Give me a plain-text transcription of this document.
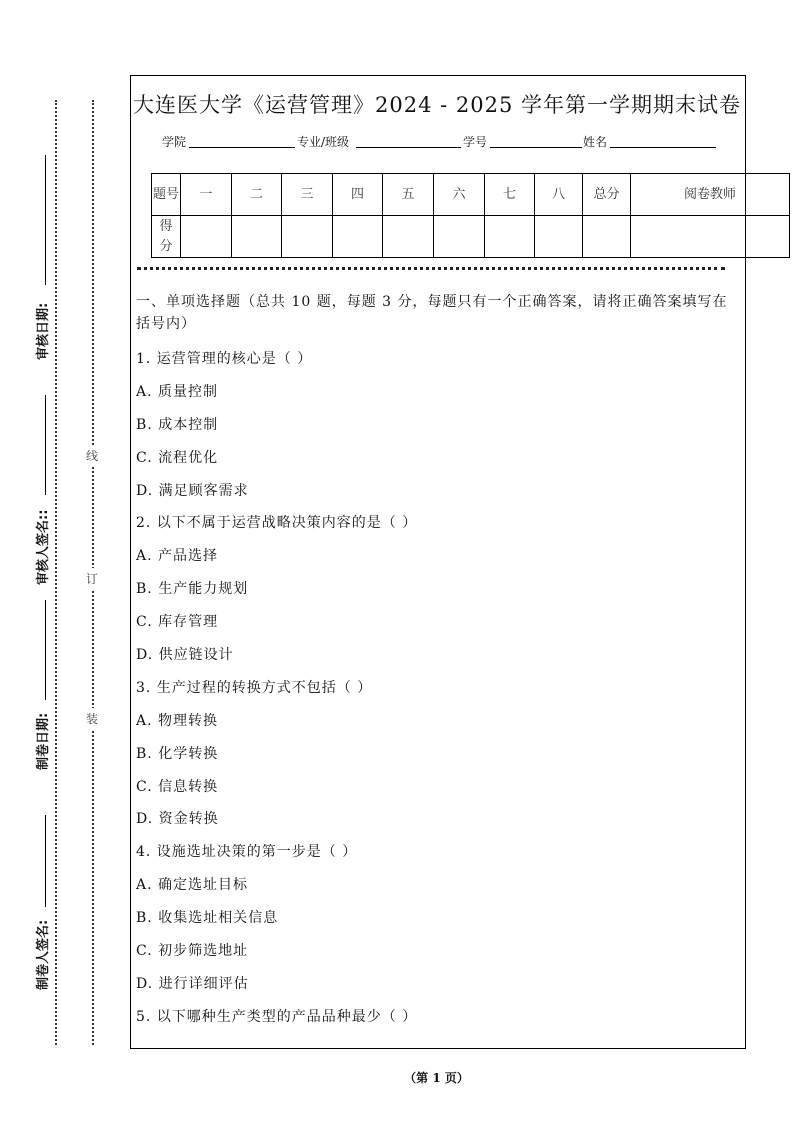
线
订
装
制卷人签名:
制卷日期:
审核人签名::
审核日期:
大连医大学《运营管理》2024 - 2025 学年第一学期期末试卷
学院	专业/班级	学号	姓名
题号	一	二	三	四	五	六	七	八	总分	阅卷教师
得分										
一、单项选择题（总共 10 题，每题 3 分，每题只有一个正确答案，请将正确答案填写在括号内）
1. 运营管理的核心是（ ）
A. 质量控制
B. 成本控制
C. 流程优化
D. 满足顾客需求
2. 以下不属于运营战略决策内容的是（ ）
A. 产品选择
B. 生产能力规划
C. 库存管理
D. 供应链设计
3. 生产过程的转换方式不包括（ ）
A. 物理转换
B. 化学转换
C. 信息转换
D. 资金转换
4. 设施选址决策的第一步是（ ）
A. 确定选址目标
B. 收集选址相关信息
C. 初步筛选地址
D. 进行详细评估
5. 以下哪种生产类型的产品品种最少（ ）
（第 1 页）
